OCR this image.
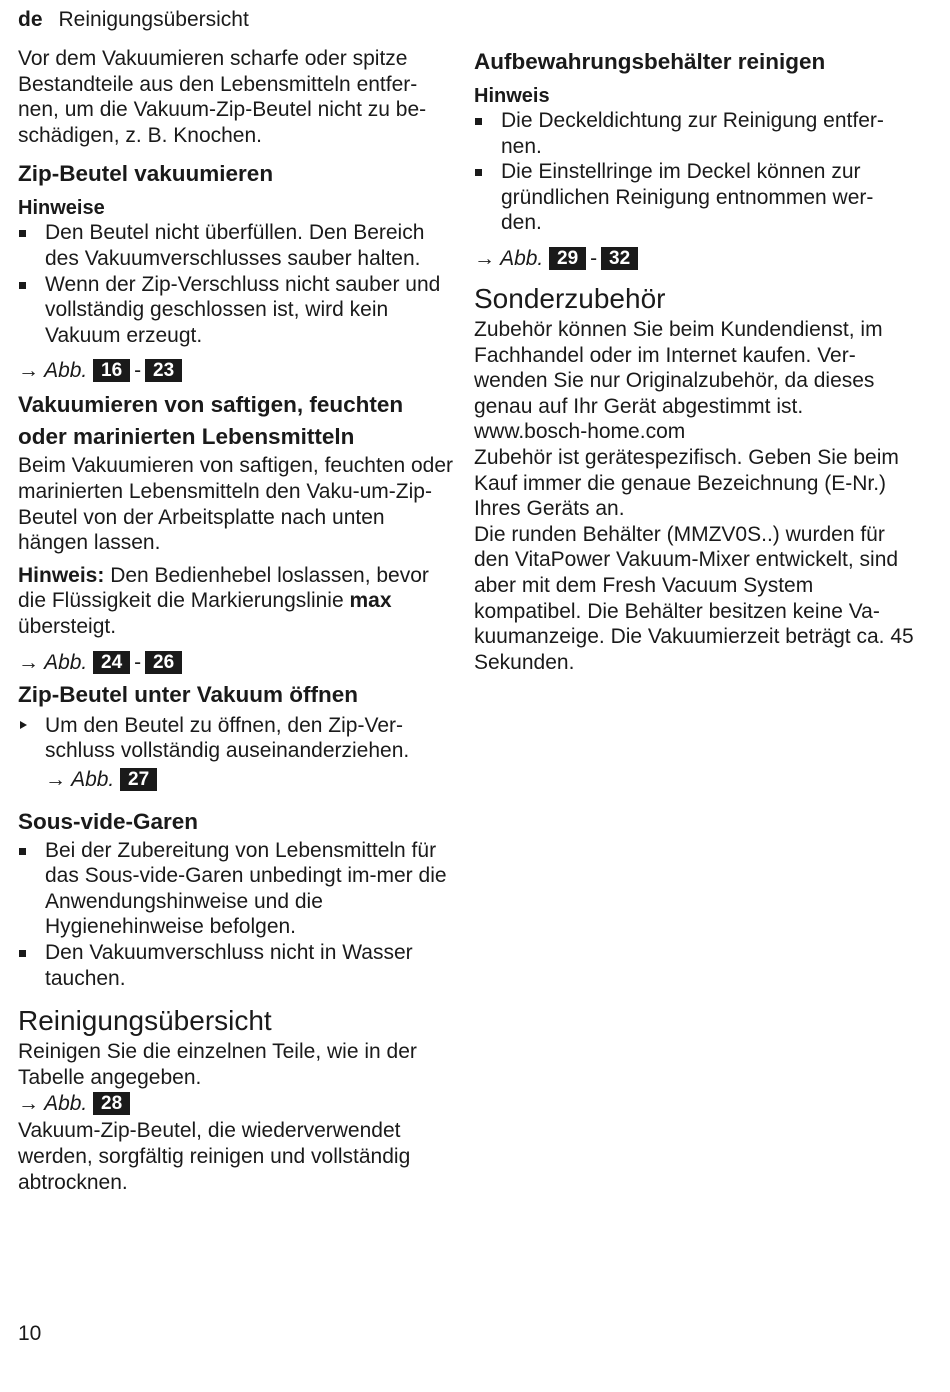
de Reinigungsübersicht

Vor dem Vakuumieren scharfe oder spitze Bestandteile aus den Lebensmitteln entfer-nen, um die Vakuum-Zip-Beutel nicht zu be-schädigen, z. B. Knochen.

Zip-Beutel vakuumieren
Hinweise
Den Beutel nicht überfüllen. Den Bereich des Vakuumverschlusses sauber halten.
Wenn der Zip-Verschluss nicht sauber und vollständig geschlossen ist, wird kein Vakuum erzeugt.
→ Abb. 16 - 23
Vakuumieren von saftigen, feuchten oder marinierten Lebensmitteln

Beim Vakuumieren von saftigen, feuchten oder marinierten Lebensmitteln den Vaku-um-Zip-Beutel von der Arbeitsplatte nach unten hängen lassen.

Hinweis: Den Bedienhebel loslassen, bevor die Flüssigkeit die Markierungslinie max übersteigt.

→ Abb. 24 - 26
Zip-Beutel unter Vakuum öffnen
Um den Beutel zu öffnen, den Zip-Ver-schluss vollständig auseinanderziehen.
→ Abb. 27
Sous-vide-Garen
Bei der Zubereitung von Lebensmitteln für das Sous-vide-Garen unbedingt im-mer die Anwendungshinweise und die Hygienehinweise befolgen.
Den Vakuumverschluss nicht in Wasser tauchen.
Reinigungsübersicht

Reinigen Sie die einzelnen Teile, wie in der Tabelle angegeben.

→ Abb. 28

Vakuum-Zip-Beutel, die wiederverwendet werden, sorgfältig reinigen und vollständig abtrocknen.

Aufbewahrungsbehälter reinigen
Hinweis
Die Deckeldichtung zur Reinigung entfer-nen.
Die Einstellringe im Deckel können zur gründlichen Reinigung entnommen wer-den.
→ Abb. 29 - 32
Sonderzubehör

Zubehör können Sie beim Kundendienst, im Fachhandel oder im Internet kaufen. Ver-wenden Sie nur Originalzubehör, da dieses genau auf Ihr Gerät abgestimmt ist.

www.bosch-home.com

Zubehör ist gerätespezifisch. Geben Sie beim Kauf immer die genaue Bezeichnung (E-Nr.) Ihres Geräts an.

Die runden Behälter (MMZV0S..) wurden für den VitaPower Vakuum-Mixer entwickelt, sind aber mit dem Fresh Vacuum System kompatibel. Die Behälter besitzen keine Va-kuumanzeige. Die Vakuumierzeit beträgt ca. 45 Sekunden.

10
